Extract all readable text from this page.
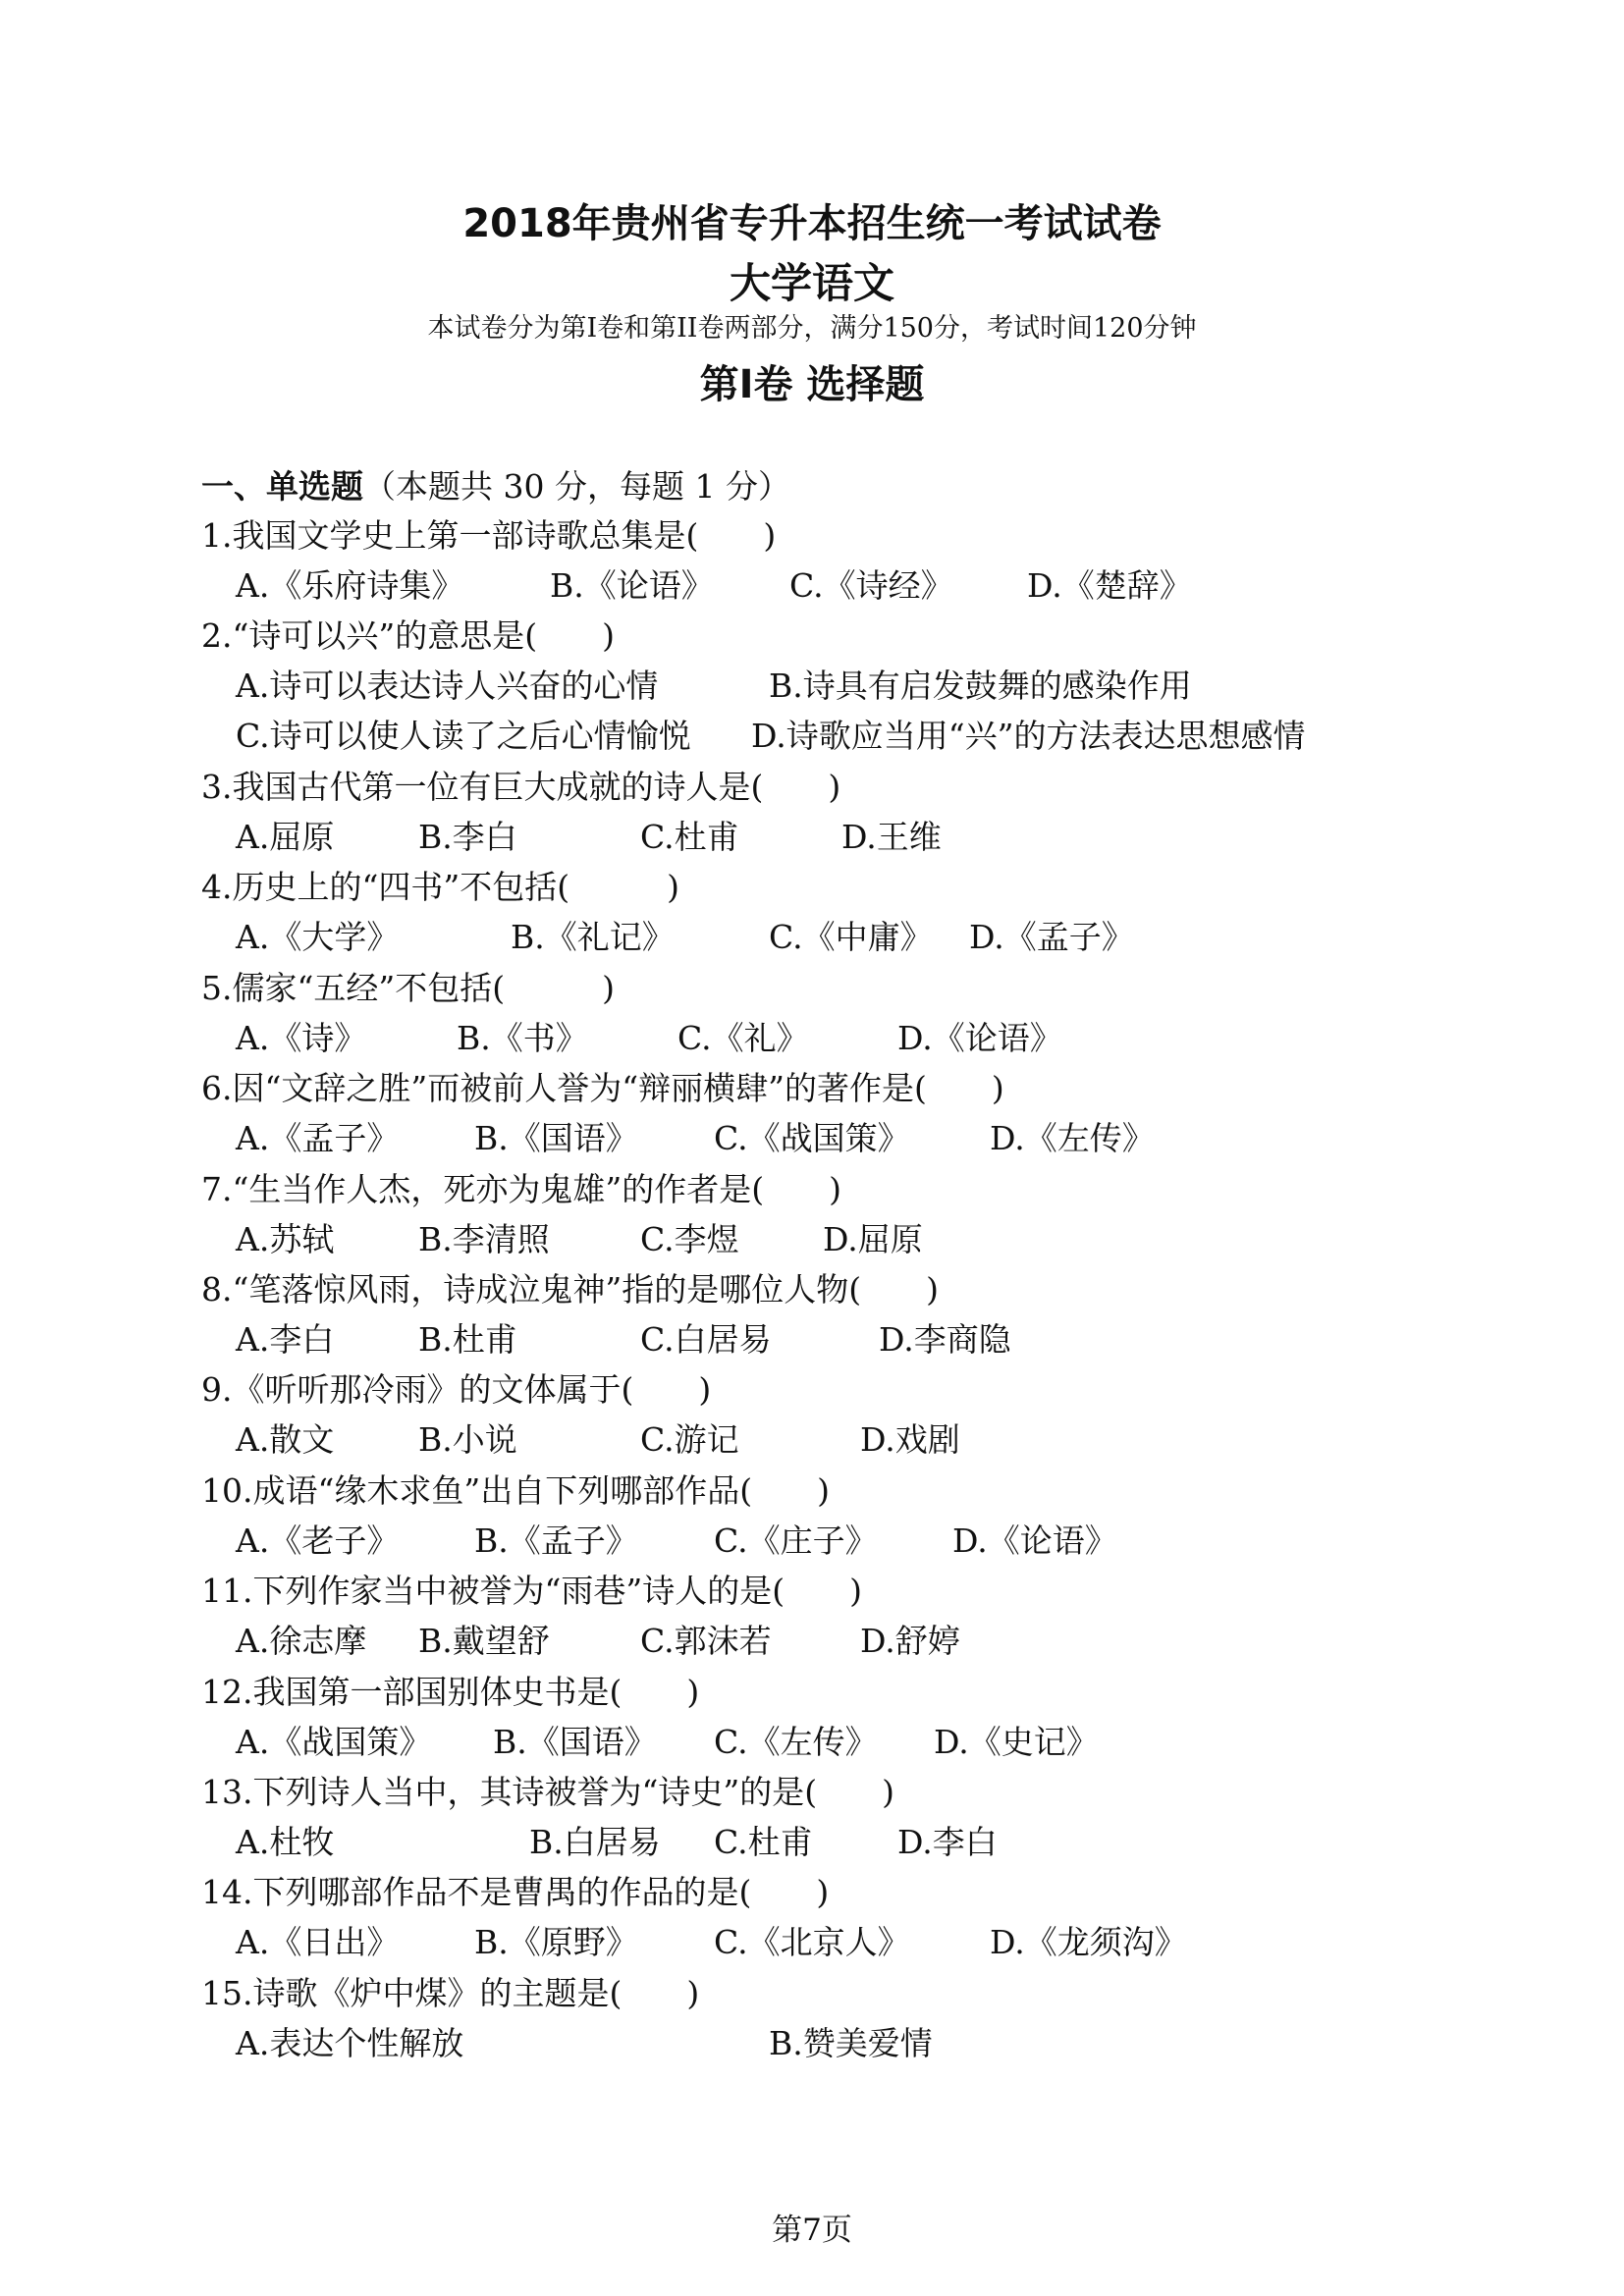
2018年贵州省专升本招生统一考试试卷
大学语文
本试卷分为第Ⅰ卷和第ⅠⅠ卷两部分，满分150分，考试时间120分钟
第Ⅰ卷 选择题
一、单选题（本题共 30 分，每题 1 分）
1.我国文学史上第一部诗歌总集是(　　)
A.《乐府诗集》	B.《论语》 C.《诗经》 D.《楚辞》
2.“诗可以兴”的意思是(　　)
A.诗可以表达诗人兴奋的心情	B.诗具有启发鼓舞的感染作用
C.诗可以使人读了之后心情愉悦 D.诗歌应当用“兴”的方法表达思想感情
3.我国古代第一位有巨大成就的诗人是(　　)
A.屈原	B.李白	C.杜甫	D.王维
4.历史上的“四书”不包括(　　　)
A.《大学》	B.《礼记》	C.《中庸》 D.《孟子》
5.儒家“五经”不包括(　　　)
A.《诗》	B.《书》	C.《礼》	D.《论语》
6.因“文辞之胜”而被前人誉为“辩丽横肆”的著作是(　　)
A.《孟子》 B.《国语》 C.《战国策》 D.《左传》
7.“生当作人杰，死亦为鬼雄”的作者是(　　)
A.苏轼	B.李清照	C.李煜	D.屈原
8.“笔落惊风雨，诗成泣鬼神”指的是哪位人物(　　)
A.李白	B.杜甫	C.白居易	D.李商隐
9.《听听那冷雨》的文体属于(　　)
A.散文	B.小说	C.游记	D.戏剧
10.成语“缘木求鱼”出自下列哪部作品(　　)
A.《老子》 B.《孟子》 C.《庄子》 D.《论语》
11.下列作家当中被誉为“雨巷”诗人的是(　　)
A.徐志摩 B.戴望舒	C.郭沫若	D.舒婷
12.我国第一部国别体史书是(　　)
A.《战国策》 B.《国语》 C.《左传》 D.《史记》
13.下列诗人当中，其诗被誉为“诗史”的是(　　)
A.杜牧	B.白居易 C.杜甫	D.李白
14.下列哪部作品不是曹禺的作品的是(　　)
A.《日出》 B.《原野》 C.《北京人》 D.《龙须沟》
15.诗歌《炉中煤》的主题是(　　)
A.表达个性解放	B.赞美爱情
第7页
